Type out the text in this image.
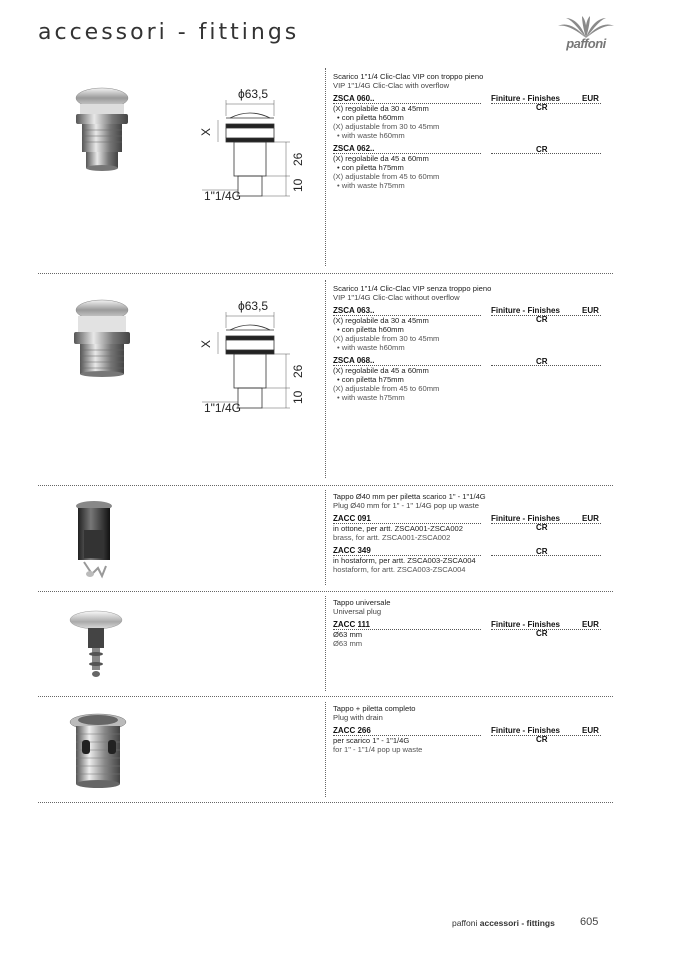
accessori - fittings	paffoni
ϕ63,5
X
26
10
1"1/4G
Scarico 1"1/4 Clic-Clac VIP con troppo pieno
VIP 1"1/4G Clic-Clac with overflow
ZSCA 060..	Finiture - Finishes	EUR
CR
(X) regolabile da 30 a 45mm
• con piletta h60mm
(X) adjustable from 30 to 45mm
• with waste h60mm
ZSCA 062..	CR
(X) regolabile da 45 a 60mm
• con piletta h75mm
(X) adjustable from 45 to 60mm
• with waste h75mm
ϕ63,5
X
26
10
1"1/4G
Scarico 1"1/4 Clic-Clac VIP senza troppo pieno
VIP 1"1/4G Clic-Clac without overflow
ZSCA 063..	Finiture - Finishes	EUR
CR
(X) regolabile da 30 a 45mm
• con piletta h60mm
(X) adjustable from 30 to 45mm
• with waste h60mm
ZSCA 068..	CR
(X) regolabile da 45 a 60mm
• con piletta h75mm
(X) adjustable from 45 to 60mm
• with waste h75mm
Tappo Ø40 mm per piletta scarico 1" - 1"1/4G
Plug Ø40 mm for 1" - 1" 1/4G pop up waste
ZACC 091	Finiture - Finishes	EUR
CR
in ottone, per artt. ZSCA001-ZSCA002
brass, for artt. ZSCA001-ZSCA002
ZACC 349	CR
in hostaform, per artt. ZSCA003-ZSCA004
hostaform, for artt. ZSCA003-ZSCA004
Tappo universale
Universal plug
ZACC 111	Finiture - Finishes	EUR
CR
Ø63 mm
Ø63 mm
Tappo + piletta completo
Plug with drain
ZACC 266	Finiture - Finishes	EUR
CR
per scarico 1" - 1"1/4G
for 1" - 1"1/4 pop up waste
paffoni accessori - fittings 605
